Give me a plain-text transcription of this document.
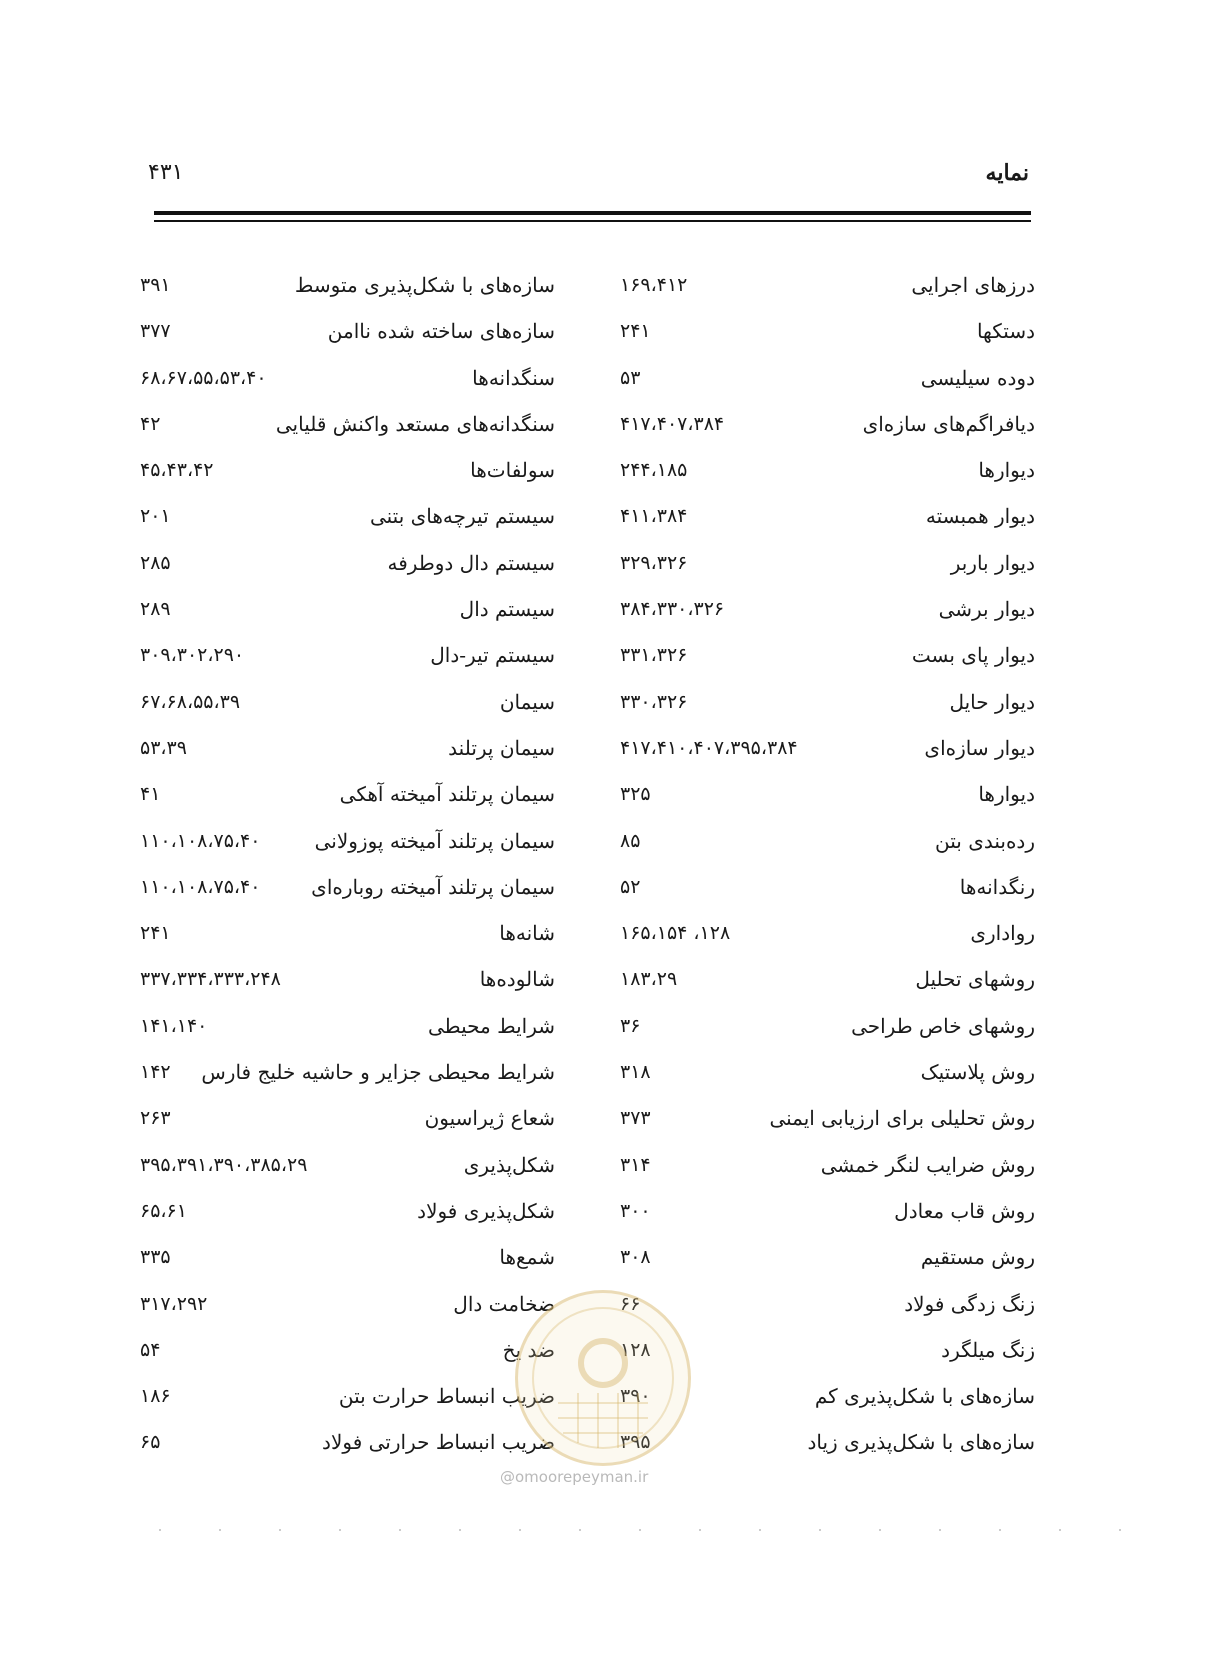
نمایه
۴۳۱
درزهای اجرایی
۱۶۹،۴۱۲
دستکها
۲۴۱
دوده سیلیسی
۵۳
دیافراگم‌های سازه‌ای
۴۱۷،۴۰۷،۳۸۴
دیوارها
۲۴۴،۱۸۵
دیوار همبسته
۴۱۱،۳۸۴
دیوار باربر
۳۲۹،۳۲۶
دیوار برشی
۳۸۴،۳۳۰،۳۲۶
دیوار پای بست
۳۳۱،۳۲۶
دیوار حایل
۳۳۰،۳۲۶
دیوار سازه‌ای
۴۱۷،۴۱۰،۴۰۷،۳۹۵،۳۸۴
دیوارها
۳۲۵
رده‌بندی بتن
۸۵
رنگدانه‌ها
۵۲
رواداری
۱۲۸، ۱۶۵،۱۵۴
روشهای تحلیل
۱۸۳،۲۹
روشهای خاص طراحی
۳۶
روش پلاستیک
۳۱۸
روش تحلیلی برای ارزیابی ایمنی
۳۷۳
روش ضرایب لنگر خمشی
۳۱۴
روش قاب معادل
۳۰۰
روش مستقیم
۳۰۸
زنگ زدگی فولاد
۶۶
زنگ میلگرد
۱۲۸
سازه‌های با شکل‌پذیری کم
۳۹۰
سازه‌های با شکل‌پذیری زیاد
۳۹۵
سازه‌های با شکل‌پذیری متوسط
۳۹۱
سازه‌های ساخته شده ناامن
۳۷۷
سنگدانه‌ها
۶۸،۶۷،۵۵،۵۳،۴۰
سنگدانه‌های مستعد واکنش قلیایی
۴۲
سولفات‌ها
۴۵،۴۳،۴۲
سیستم تیرچه‌های بتنی
۲۰۱
سیستم دال دوطرفه
۲۸۵
سیستم دال
۲۸۹
سیستم تیر-دال
۳۰۹،۳۰۲،۲۹۰
سیمان
۶۷،۶۸،۵۵،۳۹
سیمان پرتلند
۵۳،۳۹
سیمان پرتلند آمیخته آهکی
۴۱
سیمان پرتلند آمیخته پوزولانی
۱۱۰،۱۰۸،۷۵،۴۰
سیمان پرتلند آمیخته روباره‌ای
۱۱۰،۱۰۸،۷۵،۴۰
شانه‌ها
۲۴۱
شالوده‌ها
۳۳۷،۳۳۴،۳۳۳،۲۴۸
شرایط محیطی
۱۴۱،۱۴۰
شرایط محیطی جزایر و حاشیه خلیج فارس
۱۴۲
شعاع ژیراسیون
۲۶۳
شکل‌پذیری
۳۹۵،۳۹۱،۳۹۰،۳۸۵،۲۹
شکل‌پذیری فولاد
۶۵،۶۱
شمع‌ها
۳۳۵
ضخامت دال
۳۱۷،۲۹۲
ضد یخ
۵۴
ضریب انبساط حرارت بتن
۱۸۶
ضریب انبساط حرارتی فولاد
۶۵
@omoorepeyman.ir
